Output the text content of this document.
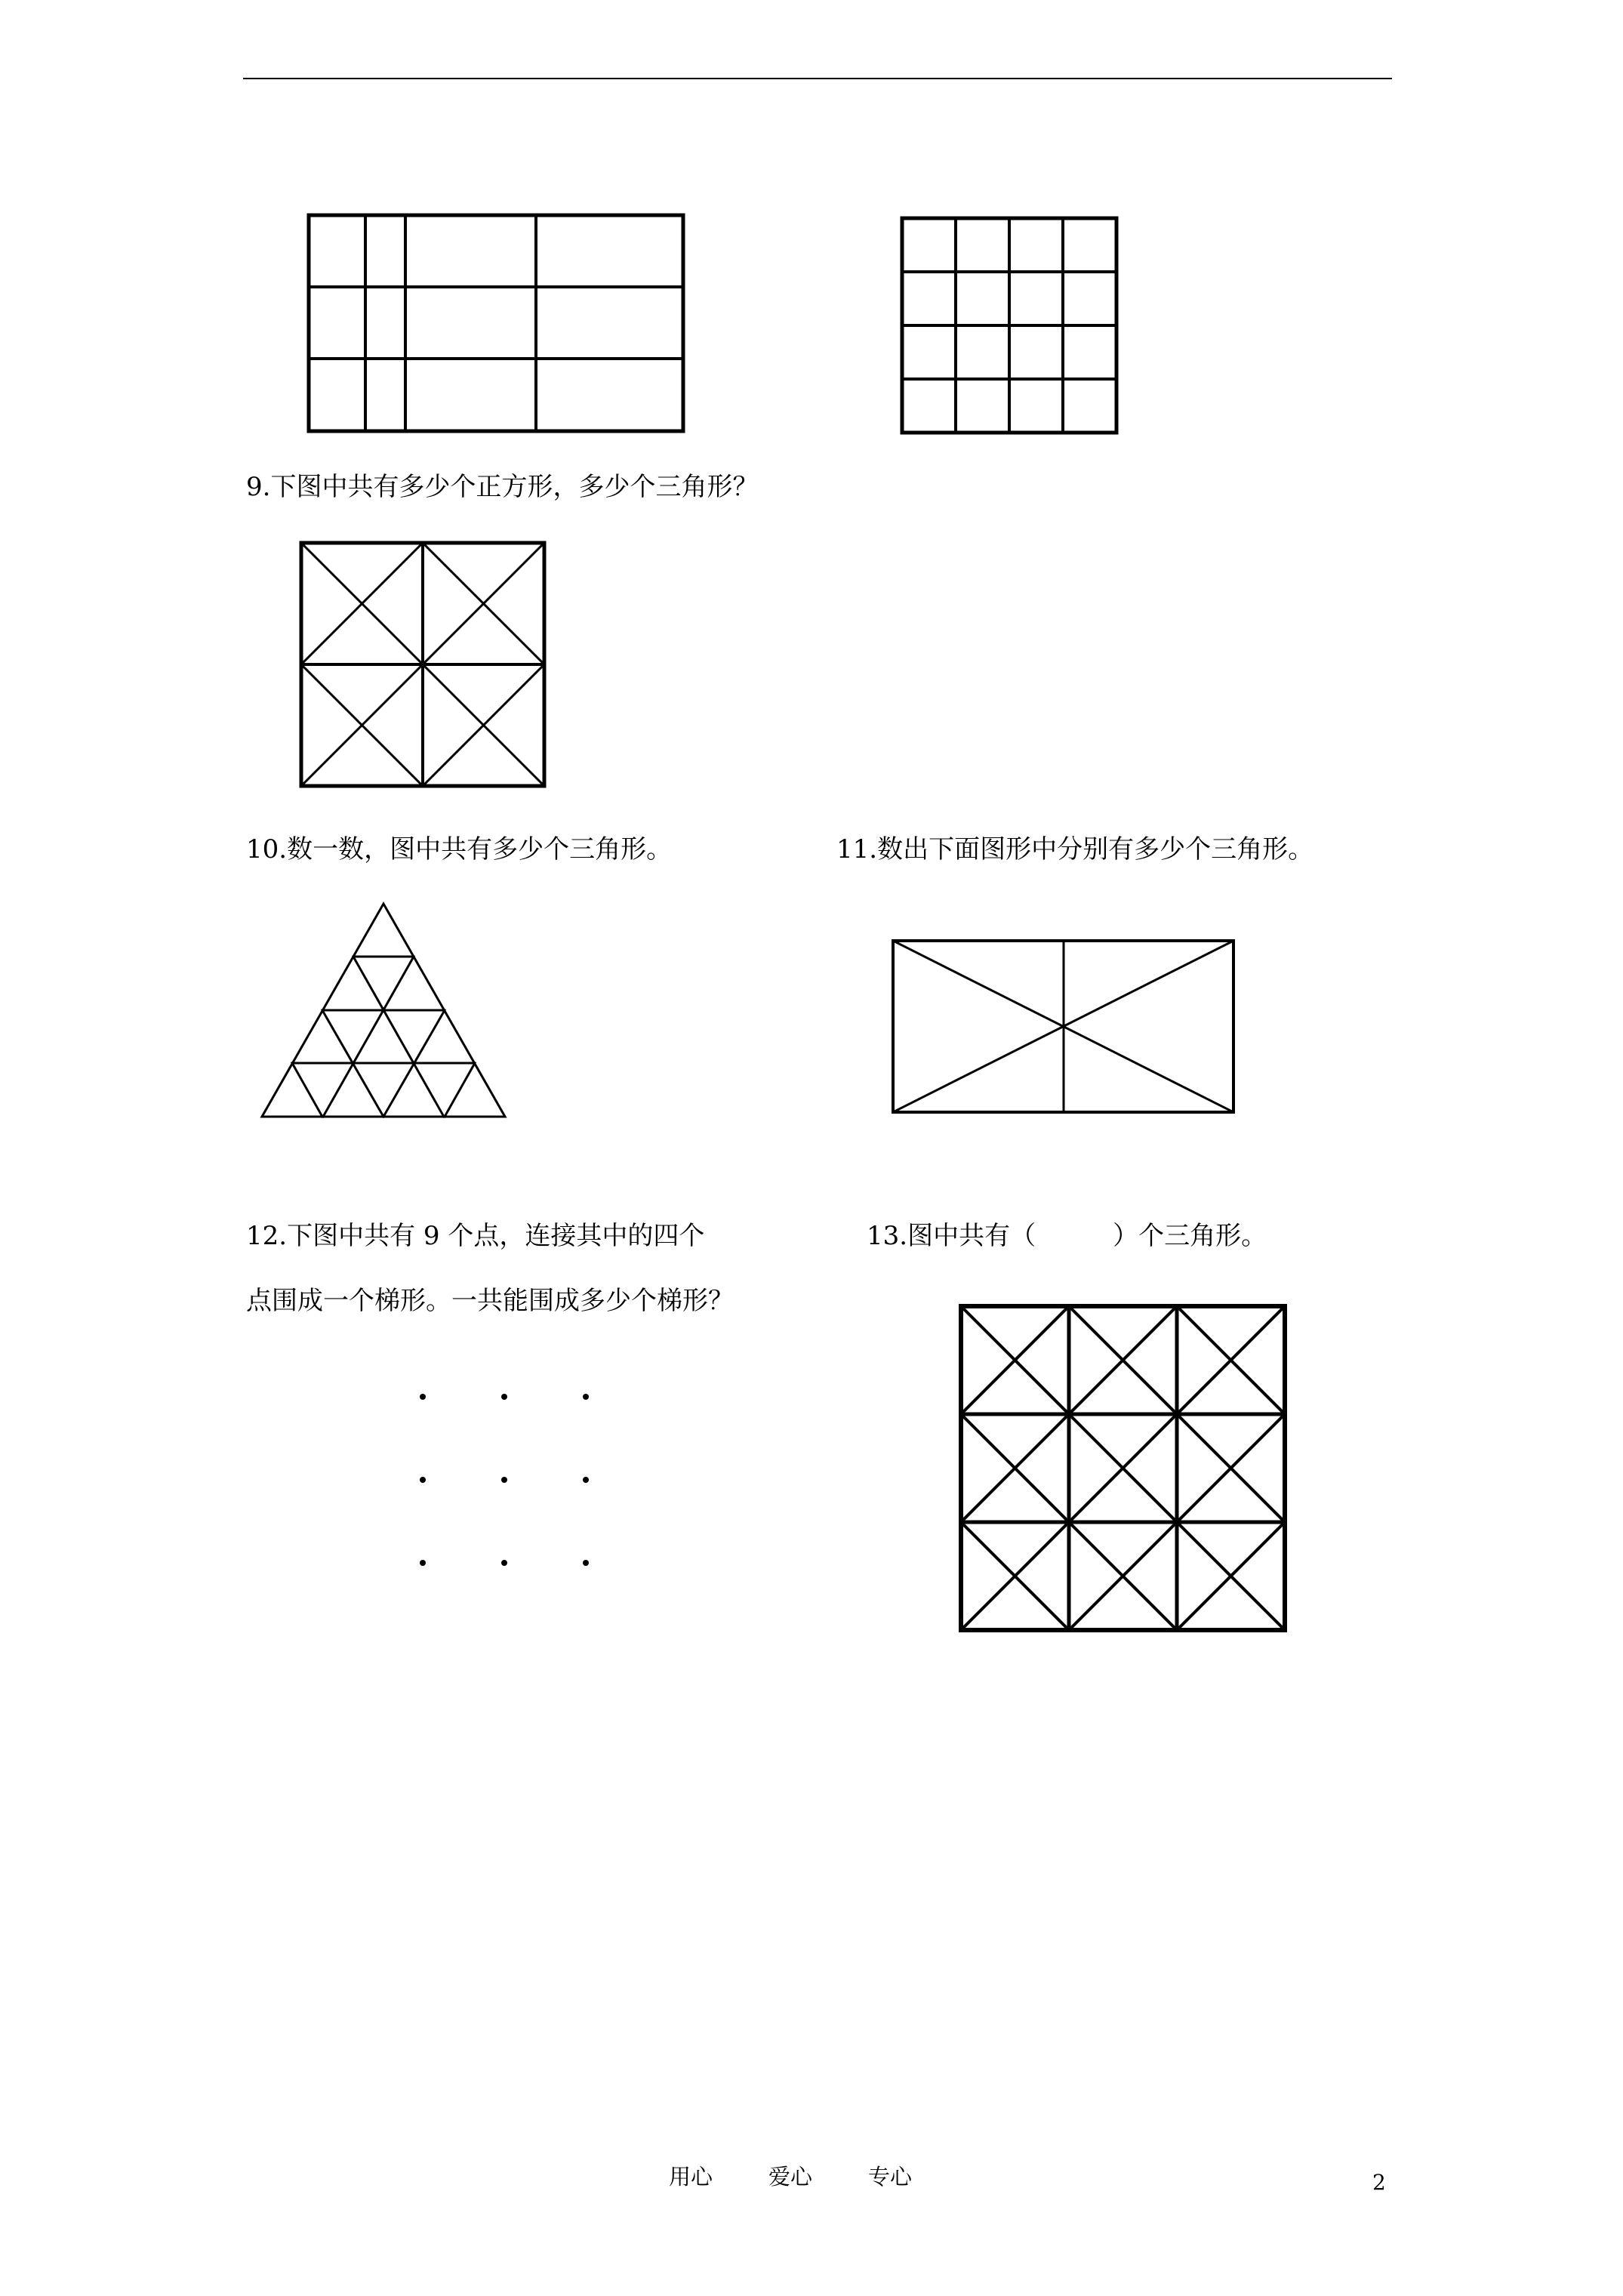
9.下图中共有多少个正方形，多少个三角形？
10.数一数，图中共有多少个三角形。	11.数出下面图形中分别有多少个三角形。
12.下图中共有 9 个点，连接其中的四个
点围成一个梯形。一共能围成多少个梯形？
13.图中共有（　　　）个三角形。
用心	爱心	专心	2
